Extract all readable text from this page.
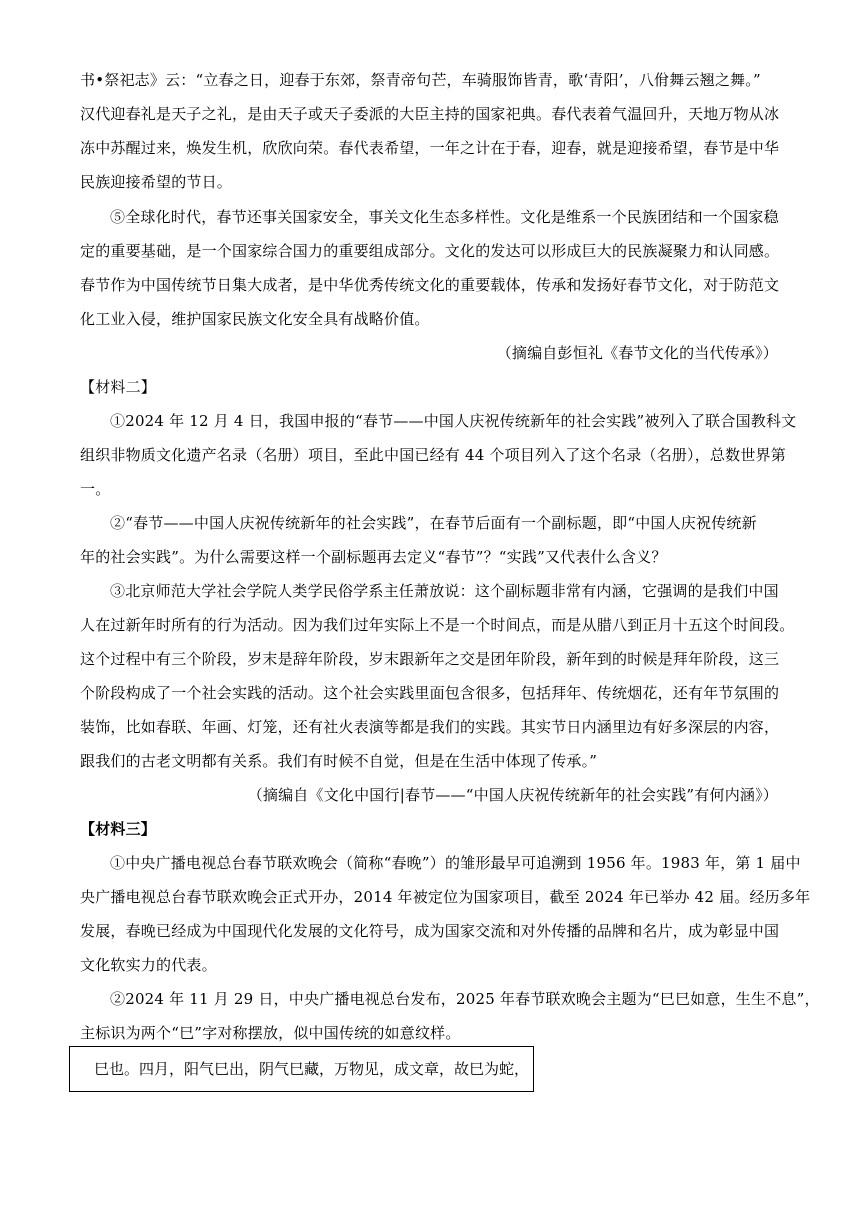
书•祭祀志》云：“立春之日，迎春于东郊，祭青帝句芒，车骑服饰皆青，歌‘青阳’，八佾舞云翘之舞。”
汉代迎春礼是天子之礼，是由天子或天子委派的大臣主持的国家祀典。春代表着气温回升，天地万物从冰
冻中苏醒过来，焕发生机，欣欣向荣。春代表希望，一年之计在于春，迎春，就是迎接希望，春节是中华
民族迎接希望的节日。
⑤全球化时代，春节还事关国家安全，事关文化生态多样性。文化是维系一个民族团结和一个国家稳
定的重要基础，是一个国家综合国力的重要组成部分。文化的发达可以形成巨大的民族凝聚力和认同感。
春节作为中国传统节日集大成者，是中华优秀传统文化的重要载体，传承和发扬好春节文化，对于防范文
化工业入侵，维护国家民族文化安全具有战略价值。
（摘编自彭恒礼《春节文化的当代传承》）
【材料二】
①2024 年 12 月 4 日，我国申报的“春节——中国人庆祝传统新年的社会实践”被列入了联合国教科文
组织非物质文化遗产名录（名册）项目，至此中国已经有 44 个项目列入了这个名录（名册），总数世界第
一。
②“春节——中国人庆祝传统新年的社会实践”，在春节后面有一个副标题，即“中国人庆祝传统新
年的社会实践”。为什么需要这样一个副标题再去定义“春节”？“实践”又代表什么含义？
③北京师范大学社会学院人类学民俗学系主任萧放说：这个副标题非常有内涵，它强调的是我们中国
人在过新年时所有的行为活动。因为我们过年实际上不是一个时间点，而是从腊八到正月十五这个时间段。
这个过程中有三个阶段，岁末是辞年阶段，岁末跟新年之交是团年阶段，新年到的时候是拜年阶段，这三
个阶段构成了一个社会实践的活动。这个社会实践里面包含很多，包括拜年、传统烟花，还有年节氛围的
装饰，比如春联、年画、灯笼，还有社火表演等都是我们的实践。其实节日内涵里边有好多深层的内容，
跟我们的古老文明都有关系。我们有时候不自觉，但是在生活中体现了传承。”
（摘编自《文化中国行|春节——“中国人庆祝传统新年的社会实践”有何内涵》）
【材料三】
①中央广播电视总台春节联欢晚会（简称“春晚”）的雏形最早可追溯到 1956 年。1983 年，第 1 届中
央广播电视总台春节联欢晚会正式开办，2014 年被定位为国家项目，截至 2024 年已举办 42 届。经历多年
发展，春晚已经成为中国现代化发展的文化符号，成为国家交流和对外传播的品牌和名片，成为彰显中国
文化软实力的代表。
②2024 年 11 月 29 日，中央广播电视总台发布，2025 年春节联欢晚会主题为“巳巳如意，生生不息”，
主标识为两个“巳”字对称摆放，似中国传统的如意纹样。
巳也。四月，阳气巳出，阴气巳藏，万物见，成文章，故巳为蛇，
